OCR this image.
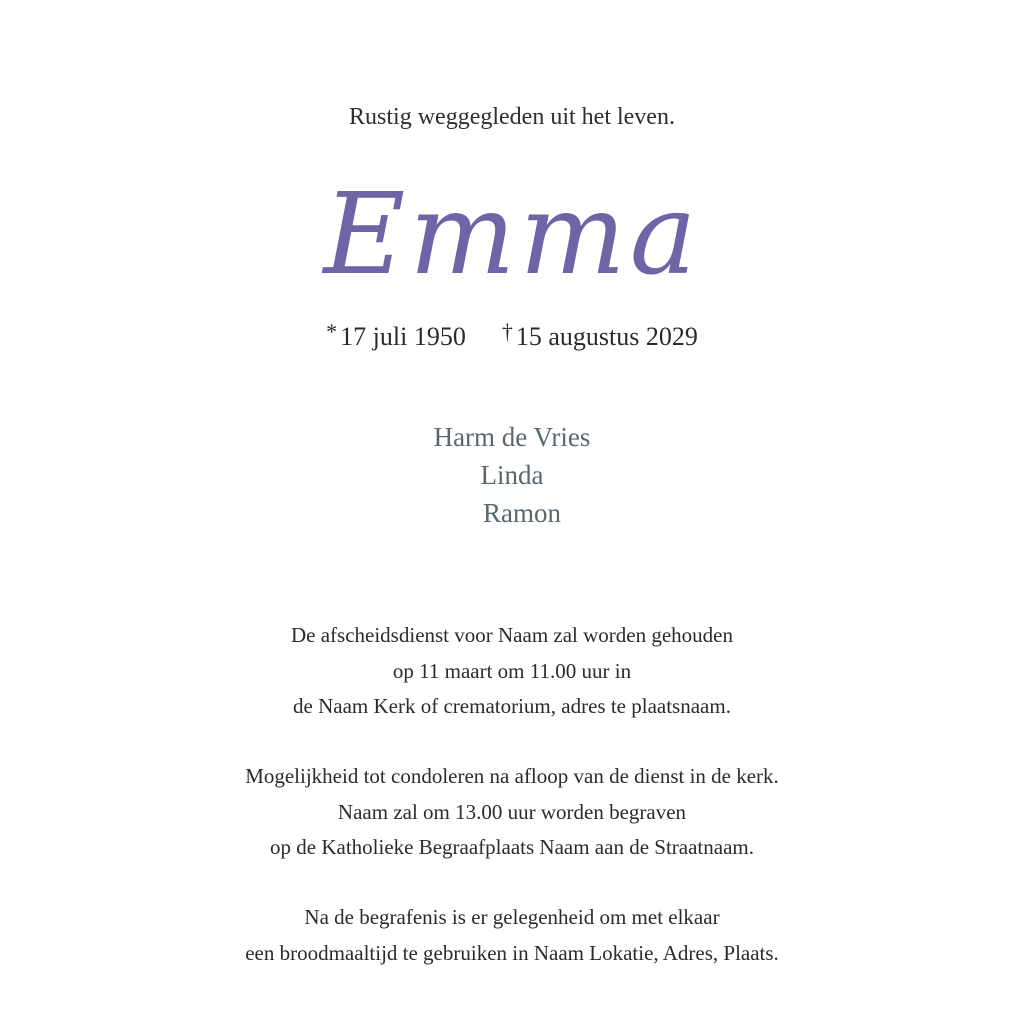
Rustig weggegleden uit het leven.
Emma
* 17 juli 1950 † 15 augustus 2029
Harm de Vries
Linda
Ramon
De afscheidsdienst voor Naam zal worden gehouden
op 11 maart om 11.00 uur in
de Naam Kerk of crematorium, adres te plaatsnaam.
Mogelijkheid tot condoleren na afloop van de dienst in de kerk.
Naam zal om 13.00 uur worden begraven
op de Katholieke Begraafplaats Naam aan de Straatnaam.
Na de begrafenis is er gelegenheid om met elkaar
een broodmaaltijd te gebruiken in Naam Lokatie, Adres, Plaats.
